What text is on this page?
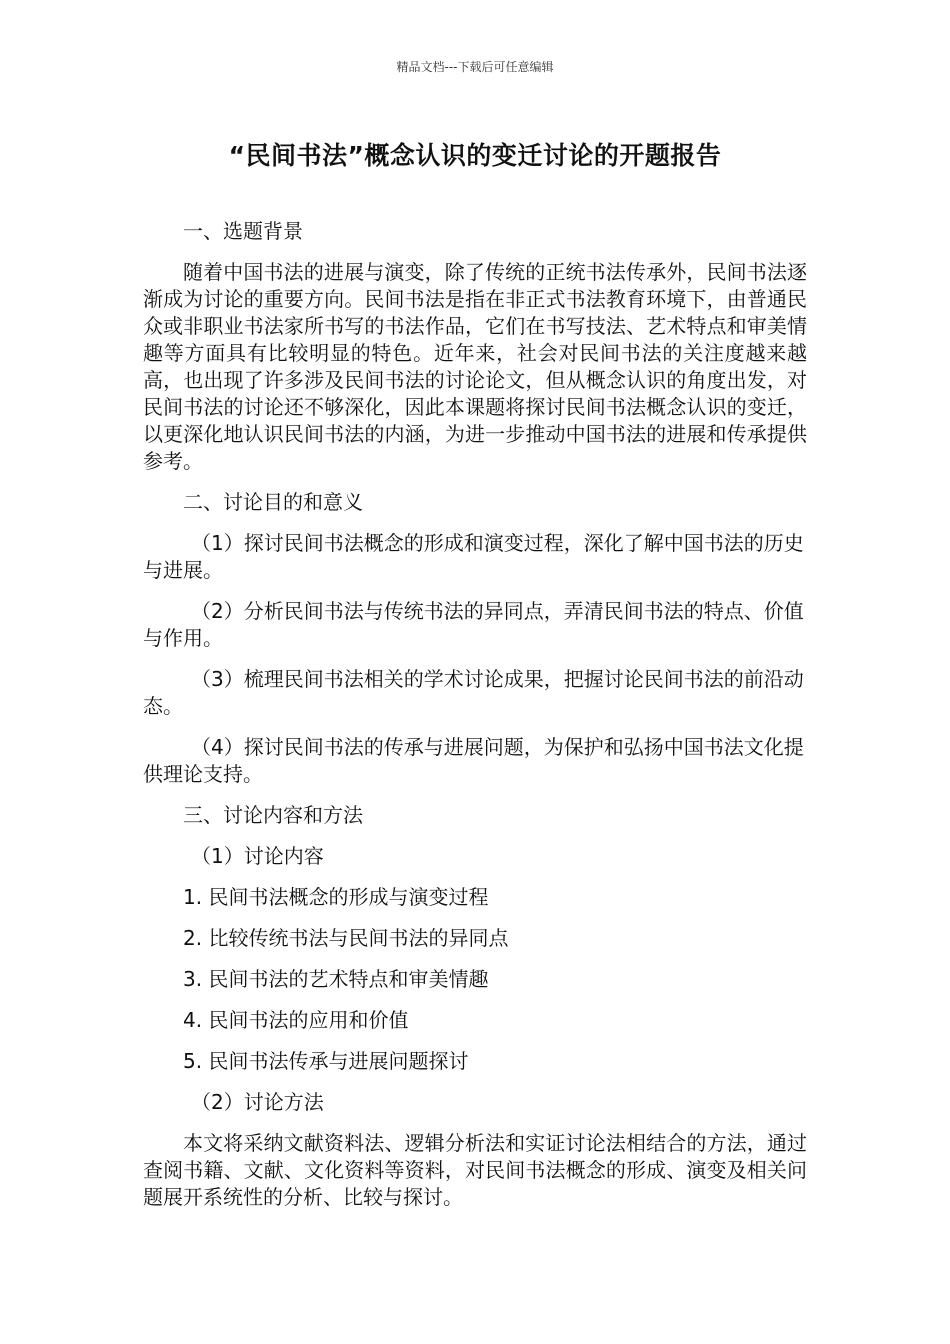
精品文档---下载后可任意编辑
“民间书法”概念认识的变迁讨论的开题报告
一、选题背景
随着中国书法的进展与演变，除了传统的正统书法传承外，民间书法逐渐成为讨论的重要方向。民间书法是指在非正式书法教育环境下，由普通民众或非职业书法家所书写的书法作品，它们在书写技法、艺术特点和审美情趣等方面具有比较明显的特色。近年来，社会对民间书法的关注度越来越高，也出现了许多涉及民间书法的讨论论文，但从概念认识的角度出发，对民间书法的讨论还不够深化，因此本课题将探讨民间书法概念认识的变迁，以更深化地认识民间书法的内涵，为进一步推动中国书法的进展和传承提供参考。
二、讨论目的和意义
（1）探讨民间书法概念的形成和演变过程，深化了解中国书法的历史与进展。
（2）分析民间书法与传统书法的异同点，弄清民间书法的特点、价值与作用。
（3）梳理民间书法相关的学术讨论成果，把握讨论民间书法的前沿动态。
（4）探讨民间书法的传承与进展问题，为保护和弘扬中国书法文化提供理论支持。
三、讨论内容和方法
（1）讨论内容
1. 民间书法概念的形成与演变过程
2. 比较传统书法与民间书法的异同点
3. 民间书法的艺术特点和审美情趣
4. 民间书法的应用和价值
5. 民间书法传承与进展问题探讨
（2）讨论方法
本文将采纳文献资料法、逻辑分析法和实证讨论法相结合的方法，通过查阅书籍、文献、文化资料等资料，对民间书法概念的形成、演变及相关问题展开系统性的分析、比较与探讨。
